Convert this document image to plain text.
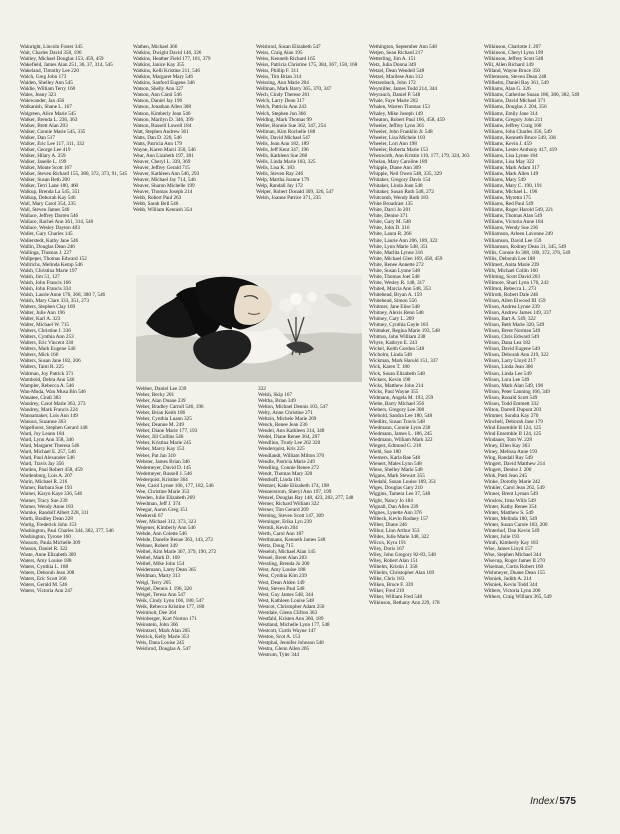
Wainright, Lincoln Foster 345
Wait, Charles David 358, 196
Waitley, Michael Douglas 153, 459, 459
Wakefield, James Alan 251, 36, 37, 314, 545
Wakeland, Timothy Lee 220
Walch, Greg John 173
Walden, Shelley Ann 545
Waldie, William Terry 160
Wales, Jeany 323
Walewander, Jan 456
Walkanish, Shane L. 167
Walgreen, Alice Marie 545
Walker, Brenda L. 236, 363
Walker, Brett Alan 203
Walker, Connie Marie 545, 335
Walker, Dan 517
Walker, Eric Lee 117, 311, 332
Walker, George Lee 419
Walker, Hilary A. 259
Walker, Janelle L. 199
Walker, Monte Scott 167
Walker, Steven Richard 155, 380, 372, 373, 91, 545
Walker, Susan Beth 200
Walker, Terri Lane 180, 460
Walkup, Brenda La 545, 351
Walkup, Deborah Kay 546
Wall, Mary Carol 354, 235
Wall, Steven James 546
Wallace, Jeffrey Darren 546
Wallace, Rachel Ann 361, 314, 546
Wallace, Wesley Dayton 403
Waller, Gary Charles 145
Wallerstedt, Kathy Jane 546
Wallin, Douglas Dean 246
Wallinga, Thomas J. 227
Wallpeper, Thomas Edward 152
Wallrichs, Melinda Kemp 546
Walsh, Christina Marie 197
Walsh, Jim 51, 127
Walsh, John Francis 166
Walsh, John Francis 334
Walsh, Laurie Anne 176, 368, 380 7, 546
Walsh, Mary Clare 333, 351, 273
Walters, Stephen Clay 169
Walter, Julie Ann 196
Walter, Karl A. 323
Walter, Michael W. 715
Walters, Christine J. 336
Walters, Cynthia Ann 253
Walters, Eric Vincent 330
Walters, Mark Eugene 546
Walters, Mick 166
Walters, Susan Jane 182, 206
Walters, Tami R. 225
Waltman, Joy Patrick 371
Wambold, Debra Ann 546
Wampler, Rebecca A. 546
Wan-Muda, Wan Musa Bin 546
Wanatee, Cindi 383
Wandrey, Carol Marie 363, 273
Wandrey, Mark Francis 224
Wannamaker, Lois Ann 149
Wanous, Suzanne 363
Wapelhorst, Stephen Gerard 148
Ward, Joy Leann 184
Ward, Lynn Ann 358, 346
Ward, Margaret Theresa 546
Ward, Michael E. 257, 546
Ward, Paul Alexander 546
Ward, Travis Jay 356
Warden, Paul Robert 458, 459
Wardenburg, Lois A. 207
Warin, Michael R. 216
Warner, Barbara Sue 193
Warner, Karyn Kaye 336, 546
Warner, Tracy Sue 239
Warner, Wendy Anne 183
Warnke, Randolf Albert 228, 311
Warth, Bradley Dean 228
Wartig, Frederick John 153
Washington, Paul Charles 344, 382, 377, 546
Washington, Tyrone 160
Wassom, Paula Michelle 309
Wasson, Daniel R. 322
Waste, Anne Elizabeth 309
Waters, Amy Louise 188
Waters, Cynthia L. 188
Waters, Deborah Jean 308
Waters, Eric Scott 160
Waters, Gerald M. 546
Waters, Victoria Ann 247
Wathen, Michael 366
Watkins, Dwight David 146, 326
Watkins, Heather Field 177, 181, 379
Watkins, Janice Kay 355
Watkins, Kelli Kristine 211, 546
Watkins, Margaret Mary 546
Watkins, Sanford Eugene 346
Watson, Shelly Ann 327
Watson, Ann Carol 546
Watson, Daniel Jay 196
Watson, Jonathan Allen 308
Watson, Kimberly Jean 546
Watson, Marilyn D. 346, 399
Watson, Russell Lowell 184
Watt, Stephen Andrew 361
Watts, Dan D. 220, 546
Watts, Patricia Ann 179
Wayne, Karen Marci 350, 546
Wear, Ann Lizabeth 197, 381
Weaver, Cheryl L. 339, 369
Weaver, Jeffrey Gerald 715
Weaver, Kathleen Ann 546, 293
Weaver, Michael Jay 714, 546
Weaver, Sharon Michelle 199
Weaver, Thomas Joseph 214
Webb, Robert Paul 263
Webb, Sarah Bell 546
Webb, William Kennish 354
Webber, Daniel Lee 239
Weber, Becky 201
Weber, Alan Duane 239
Weber, Bradley Carroll 546, 196
Weber, Brian Keith 186
Weber, Cynthia Luann 325
Weber, Deanne M. 249
Weber, Diane Marie 177, 193
Weber, Jill Collins 546
Weber, Kristina Marie 245
Weber, Marcy Kay 153
Weber, Pat Jan 310
Webster, James Brian 346
Wedemeyer, David D. 145
Wedemeyer, Russell J. 546
Wederquist, Kristine 364
Wee, Carol Lynne 166, 177, 182, 546
Wee, Christine Marie 353
Weeden, Julie Elizabeth 269
Weedman, Jeff J. 374
Weegar, Aaron Greg 151
Weekersli 67
Weer, Michael 312, 373, 323
Wegener, Kimberly Ann 546
Wehde, Ann Colette 546
Wehde, Danelle Renae 363, 143, 272
Wehner, Robert 349
Weibel, Kim Marie 367, 379, 190, 272
Weibel, Mark D. 169
Weibel, Mike John 154
Weidemann, Larry Dean 365
Weidman, Marty 313
Weigl, Terry 205
Weigel, Dennis J. 196, 326
Weigel, Teresa Ann 547
Weik, Cindy Lynn 166, 180, 547
Weik, Rebecca Kristine 177, 180
Weimholt, Dee 364
Weinberger, Kurt Norton 171
Weinstein, John 366
Weintzerl, Mark Alan 205
Weirick, Kelly Marie 353
Weis, Dana Louise 245
Weishrod, Douglas A. 547
Weisbrod, Susan Elizabeth 547
Weiss, Craig Alan 195
Weiss, Kenneth Richard 165
Weiss, Patricia Christine 175, 384, 367, 158, 168
Weiss, Phillip F. 311
Weiss, Tim Brian 314
Weissing, Ann Marie 204
Wellman, Mark Barry 365, 370, 347
Wech, Cindy Therese 261
Welch, Larry Dean 317
Welch, Patricia Ann 243
Welch, Stephen Jon 366
Welding, Mark Thomas 99
Weller, Bonnie Sue 362, 347, 254
Wellman, Kim Rochelle 188
Wells, David Michael 547
Wells, Jean Ann 182, 189
Wells, Jeff Kent 347, 196
Wells, Kathleen Sue 268
Wells, Linda Marie 183, 325
Wells, Lisa K. 183
Wells, Steven Ray 246
Welp, Martha Joanne 179
Welp, Randall Jay 172
Welper, Robert Donald 309, 326, 547
Welsh, Joanne Patrice 371, 235
332
Welsh, Skip 167
Weltha, Brian 349
Welton, Michael Dennis 103, 547
Welty, Anne Christine 271
Weltzin, Michele Marie 269
Wenck, Renee Jean 236
Wendel, Ann Kathleen 314, 348
Wedel, Diane Renee 364, 207
Wendlinn, Trudy Lee 262 320
Wenderquist, Kris 225
Wendlandt, William Milton 370
Wendle, Patricia Marie 249
Wendling, Connie Renee 272
Wendt, Thomas Mary 320
Wenthoff, Linda 181
Wentzer, Katie Elizabeth 174, 198
Wennerstrom, Sheryl Ann 197, 199
Wenzel, Douglas Ray 148, 423, 282, 277, 548
Werner, Richard William 322
Werner, Tim Gerard 209
Werning, Steven Scott 147, 309
Werninger, Erika Lyn 239
Wermli, Kevin 204
Werth, Carol Ann 187
Werthmann, Kenneth James 548
Wertz, Doug 715
Weseloh, Michael Alan 145
Wessel, Brent Alan 203
Wessling, Brenda Jo 200
West, Amy Louise 188
West, Cynthia Kim 239
West, Dean Alden 149
West, Steven Paul 548
West, Guy James 548, 344
West, Kathleen Louise 548
Westcot, Christopher Adam 250
Westdale, Glenn Clifton 363
Westfahl, Kristen Ann 360, 189
Westland, Michelle Lynn 177, 548
Westcott, Curtis Wayne 147
Weston, Scot A. 153
Westphal, Jennifer Johnson 548
Westra, Glenn Allen 205
Westrum, Tyler 344
Wethington, September Ann 548
Wetjen, Sean Richard 217
Wetterling, Jim A. 151
Wetz, Julia Donna 349
Wetzel, Dean Wendell 548
Wetzel, Marilese Ann 312
Wetzenbach, John 172
Weymiller, James Todd 214, 344
Weyrauch, Daniel P. 548
Whale, Faye Marie 202
Whalen, Warren Thomas 153
Whaley, Mike Joseph 149
Wheaton, Robert Paul 166, 458, 459
Wheeler, Jeffrey Lynn 361
Wheeler, John Franklin Jr. 548
Wheeler, Lisa Michele 103
Wheeler, Lori Ann 198
Wheeler, Roberta Marie 153
Whenwirth, Ann Kristin 110, 177, 179, 324, 363
Whelan, Mary Caroline 189
Whipple, Diane Ann 309
Whipple, Neil Owen 548, 335, 329
Whitaker, Gregory Davis 154
Whitaker, Linda Joan 548
Whitaker, Susan Ruth 548, 272
Whitcomb, Wendy Ruth 183
White Broadcast 135
White, Darci Jo 201
White, Denise 371
White, Gary M. 548
White, John D. 316
White, Laura R. 266
White, Laurie Ann 206, 189, 322
White, Lynn Marie 548, 351
White, Marlita Lynne 316
White, Michael Glen 169, 458, 459
White, Renee Annette 272
White, Susan Lynne 548
White, Thomas Joel 548
White, Wesley R. 148, 317
Whited, Marcia Ann 548, 353
Whitehead, Bryan A. 159
Whitehead, Simon 556
Whitmer, Jane Elise 548
Whitney, Alexis Renn 548
Whitney, Cary L. 209
Whitney, Cynthia Gayle 183
Whittaker, Regina Marie 193, 548
Whitton, John William 238
Whyte, Kathryn E. 243
Wickel, Keith Gordon 548
Wicholm, Linda 548
Wickman, Mark Harold 151, 337
Wick, Karen T. 180
Wick, Susan Elizabeth 548
Wickers, Kevin 190
Wicks, Matthew John 214
Wicks, Paul Wayne 355
Widmann, Angela M. 193, 259
Wiebe, Barry Michael 356
Wiebers, Gregory Lee 308
Wiebold, Sandra Lee 180, 548
Wiedlitz, Susan Travis 548
Wiedmann, Connie Lynn 238
Wiedmann, James L. 186, 245
Wiedmann, William Mark 322
Wiegert, Edmond G. 218
Wiehl, Sue 180
Wiemers, Karla Rae 548
Wienert, Males Lynn 548
Wiese, Shelley Marie 548
Wigans, Mark Stewart 355
Wiedahl, Susan Louise 189, 351
Wiges, Douglas Gary 210
Wiggins, Tamera Lee 37, 548
Wight, Nancy Jo 184
Wignall, Dan Allen 239
Wignes, Lynette Ann 376
Wilbeck, Kevin Rodney 157
Wilber, Diane 246
Wilbur, Linn Arthur 353
Wildes, Julie Marie 348, 322
Wilcox, Kyra 191
Wiley, Doris 167
Wiley, John Gregory 82-83, 548
Wiley, Robert Alan 151
Wilhelm, Kristin J. 358
Wilhelm, Christopher Alan 169
Wilke, Chris 183
Wilken, Bruce F. 339
Wilker, Fred 210
Wilker, William Fred 548
Wilkinson, Bethany Ann 229, 178
Wilkinson, Charlotte J. 207
Wilkinson, Cheryl Lynn 199
Wilkinson, Jeffrey Scott 548
Will, Allen Richard 149
Willand, Wayne Bruce 350
Willemssen, Steven Dean 248
Willhelm, Daniel Ray 361, 549
Williams, Alan G. 326
Williams, Catherine Susan 186, 380, 382, 549
Williams, David Michael 371
Williams, Douglas J. 204, 356
Williams, Emily Jane 314
Williams, Gregory John 211
Williams, Jeffrey Craig 168
Williams, John Charles 356, 549
Williams, Kenneth Bruce 549, 336
Williams, Kevin J. 459
Williams, Lester Anthony 417, 419
Williams, Lisa Lynne 184
Williams, Lisa May 322
Williams, Mark Adam 317
Williams, Mark Allen 149
Williams, Mary 549
Williams, Mary C. 190, 191
Williams, Michael L. 196
Williams, Myretta 175
Williams, Red Paul 549
Williams, Roger Harold 549, 221
Williams, Thomas Alan 549
Williams, Victoria Anne 184
Williams, Wendy Sue 236
Williamson, Arleen Lavonne 249
Williamson, David Lee 159
Williamson, Rodney Dean 31, 345, 549
Willis, Connie Jo 308, 180, 372, 376, 549
Willis, Deborah Lee 188
Willmert, Anita Marie 239
Wills, Michael Collin 160
Willming, Scott David 203
Willmore, Shari Lynn 176, 243
Willmot, Rebecca L. 273
Willroth, Robert Dale 246
Wilson, Allen Elwood III 159
Wilson, Andrea Lynne 239
Wilson, Andrew James 149, 337
Wilson, Bart A. 549, 322
Wilson, Beth Marie 320, 549
Wilson, Brent Norman 549
Wilson, Chris Edward 549
Wilson, Dana Lea 182
Wilson, David Eugene 549
Wilson, Deborah Ann 219, 322
Wilson, Larry Lloyd 217
Wilson, Linda Jean 366
Wilson, Linda Lee 549
Wilson, Lora Lee 549
Wilson, Mark Alan 549, 196
Wilson, Peter Lanning 166, 349
Wilson, Ronald Scott 549
Wilson, Todd Emmett 332
Wilton, Darrell Dupont 203
Wimmer, Sondra Kay 270
Winchell, Deborah Jane 179
Wind Ensemble II 124, 125
Wind Ensemble II 124, 125
Windauer, Tom W. 228
Winey, Ellen Kay 363
Winey, Melissa Anne 193
Wing, Randall Ray 549
Wingert, David Matthew 214
Wingert, Denise J. 200
Wink, Patti Jean 245
Winke, Dorothy Marie 242
Winkler, Carol Jean 262, 549
Winner, Brent Lyman 549
Winslow, Irma Wills 549
Winter, Kathy Renee 354
Winter, Matthew S. 549
Winter, Melinda 180, 549
Winter, Susan Carole 183, 200
Winterhof, Dan Kevin 549
Winter, Julie 193
Winth, Kimberly Kay 183
Wise, James Lloyd 157
Wise, Stephen Michael 344
Wisecup, Roger James II 270
Wiseman, Curtis Robert 160
Wishmeyer, Duane Dean 155
Wisniek, Judith A. 214
Wisniek, Kevin Todd 344
Withers, Victoria Lynn 200
Withers, Craig William 365, 549
Index/575
